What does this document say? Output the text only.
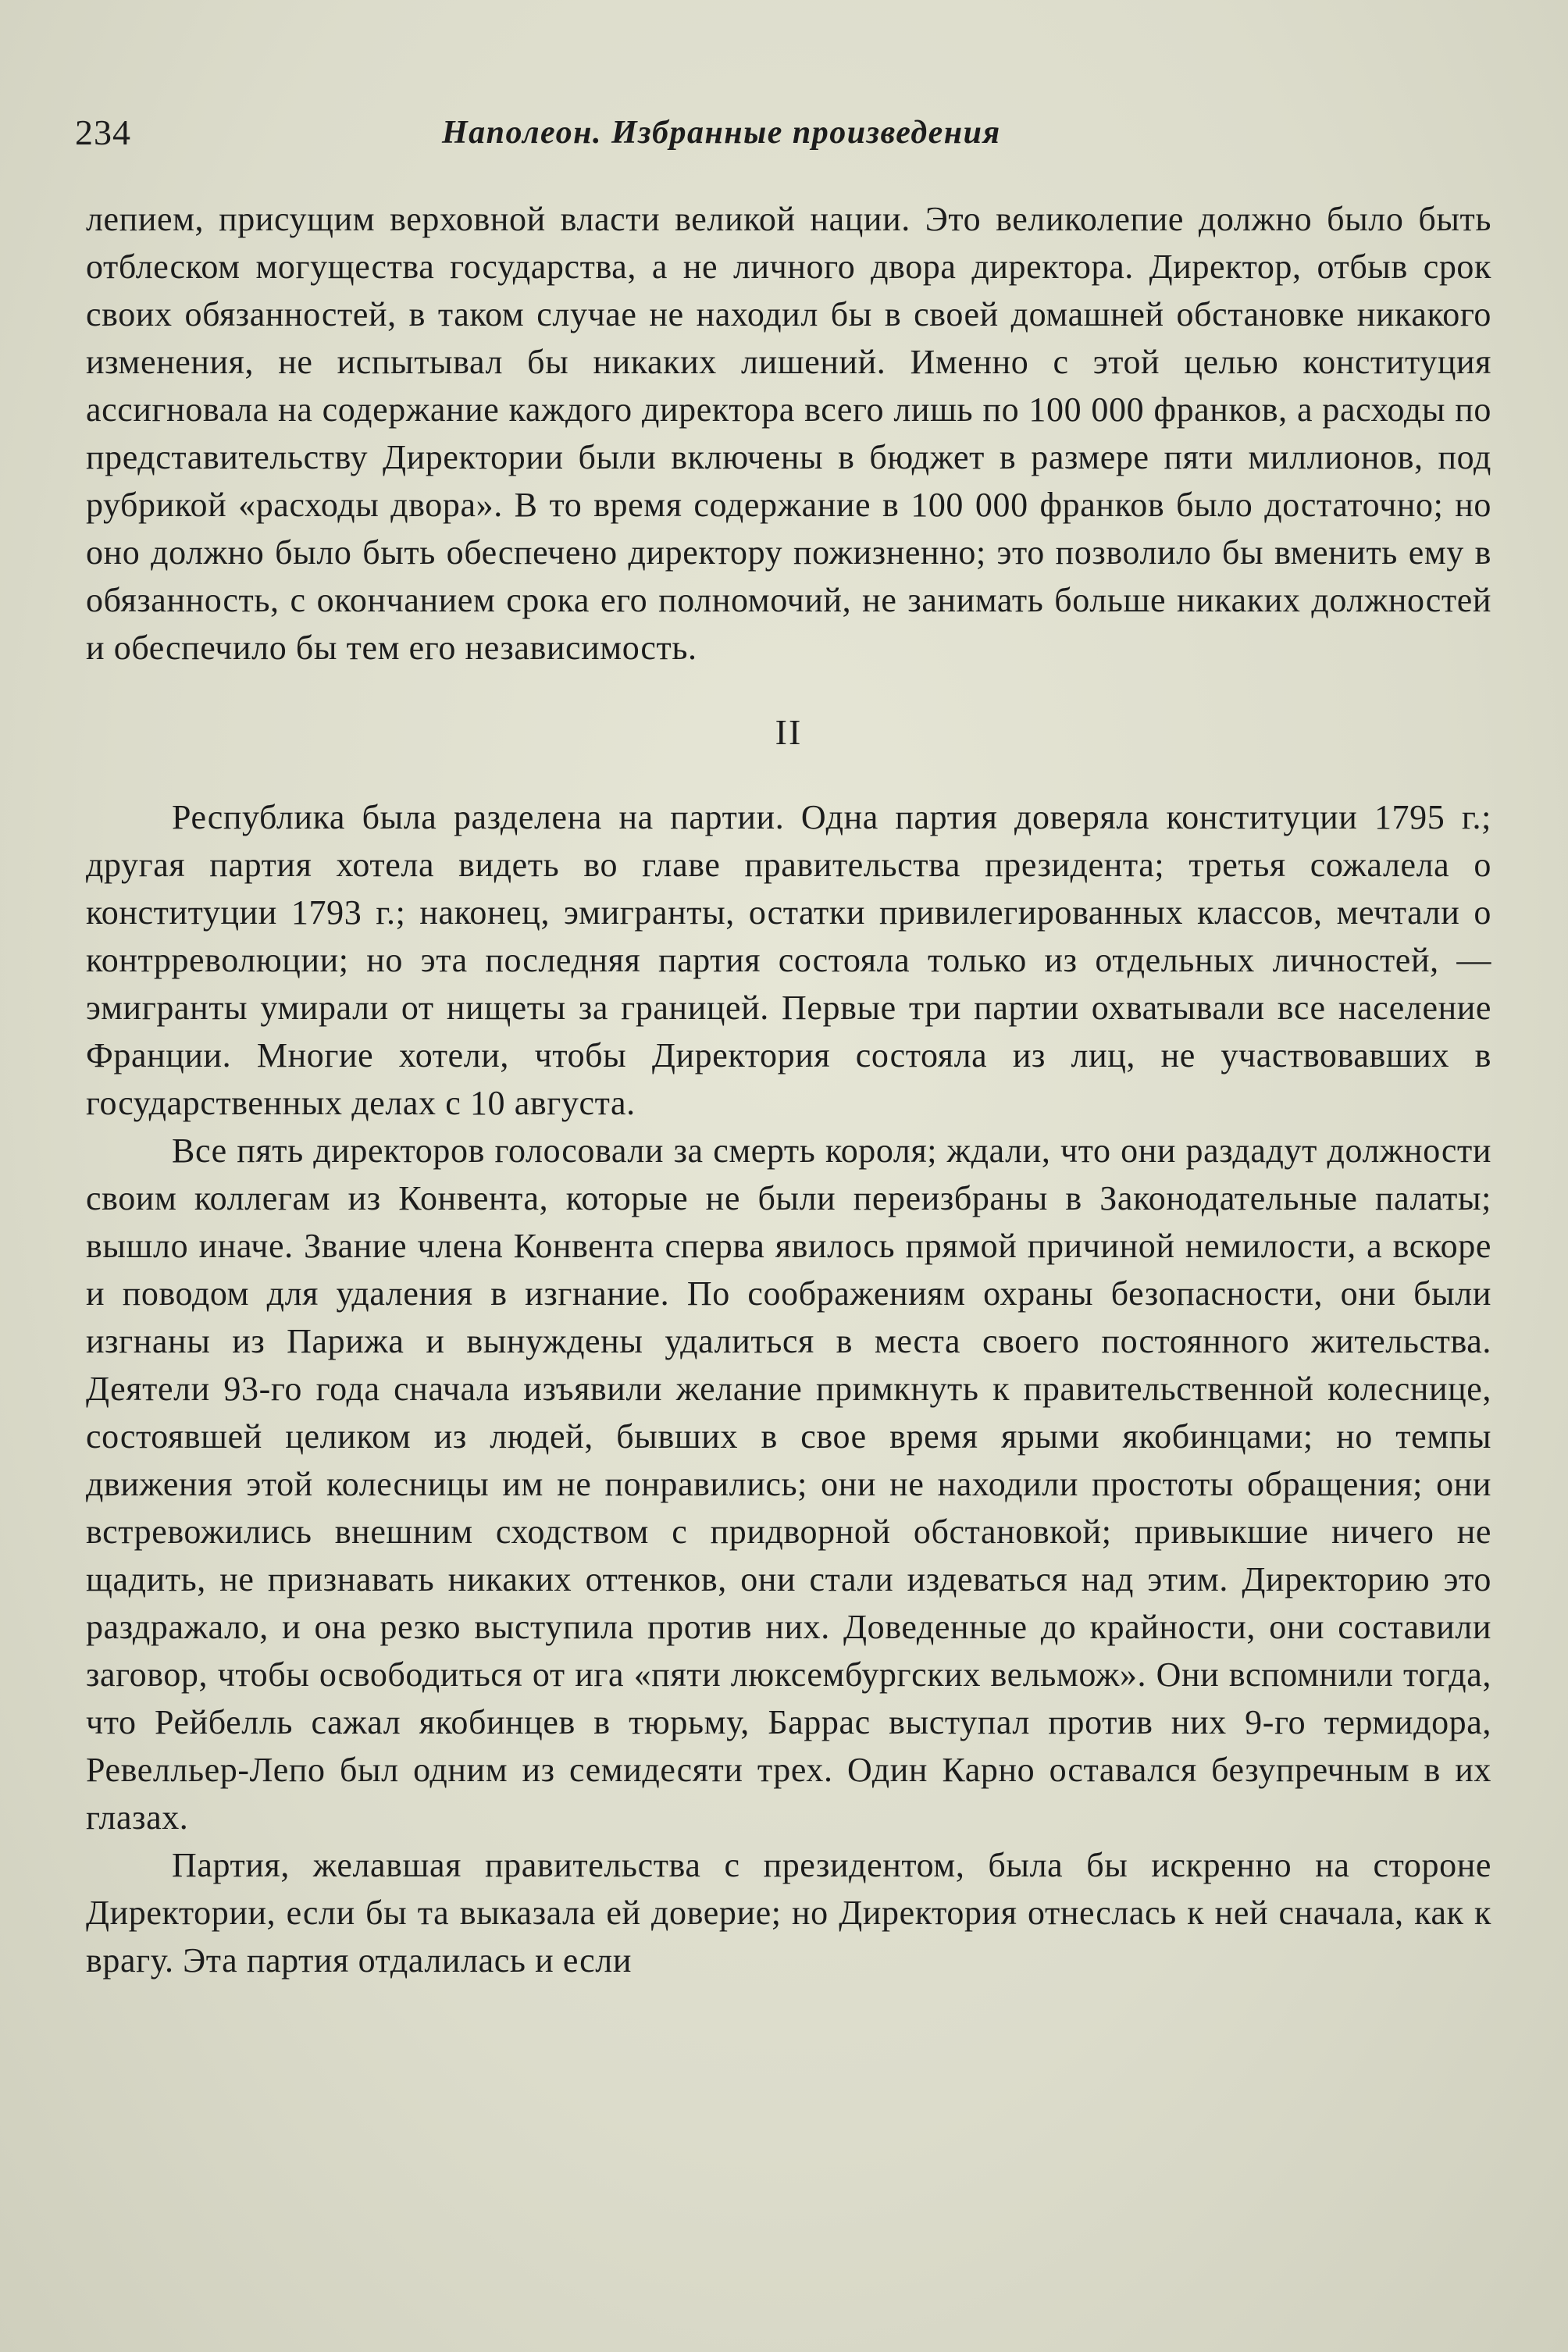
234	Наполеон. Избранные произведения

лепием, присущим верховной власти великой нации. Это великолепие должно было быть отблеском могущества государства, а не личного двора директора. Директор, отбыв срок своих обязанностей, в таком случае не находил бы в своей домашней обстановке никакого изменения, не испытывал бы никаких лишений. Именно с этой целью конституция ассигновала на содержание каждого директора всего лишь по 100 000 франков, а расходы по представительству Директории были включены в бюджет в размере пяти миллионов, под рубрикой «расходы двора». В то время содержание в 100 000 франков было достаточно; но оно должно было быть обеспечено директору пожизненно; это позволило бы вменить ему в обязанность, с окончанием срока его полномочий, не занимать больше никаких должностей и обеспечило бы тем его независимость.

II

Республика была разделена на партии. Одна партия доверяла конституции 1795 г.; другая партия хотела видеть во главе правительства президента; третья сожалела о конституции 1793 г.; наконец, эмигранты, остатки привилегированных классов, мечтали о контрреволюции; но эта последняя партия состояла только из отдельных личностей, — эмигранты умирали от нищеты за границей. Первые три партии охватывали все население Франции. Многие хотели, чтобы Директория состояла из лиц, не участвовавших в государственных делах с 10 августа.

Все пять директоров голосовали за смерть короля; ждали, что они раздадут должности своим коллегам из Конвента, которые не были переизбраны в Законодательные палаты; вышло иначе. Звание члена Конвента сперва явилось прямой причиной немилости, а вскоре и поводом для удаления в изгнание. По соображениям охраны безопасности, они были изгнаны из Парижа и вынуждены удалиться в места своего постоянного жительства. Деятели 93-го года сначала изъявили желание примкнуть к правительственной колеснице, состоявшей целиком из людей, бывших в свое время ярыми якобинцами; но темпы движения этой колесницы им не понравились; они не находили простоты обращения; они встревожились внешним сходством с придворной обстановкой; привыкшие ничего не щадить, не признавать никаких оттенков, они стали издеваться над этим. Директорию это раздражало, и она резко выступила против них. Доведенные до крайности, они составили заговор, чтобы освободиться от ига «пяти люксембургских вельмож». Они вспомнили тогда, что Рейбелль сажал якобинцев в тюрьму, Баррас выступал против них 9-го термидора, Ревелльер-Лепо был одним из семидесяти трех. Один Карно оставался безупречным в их глазах.

Партия, желавшая правительства с президентом, была бы искренно на стороне Директории, если бы та выказала ей доверие; но Директория отнеслась к ней сначала, как к врагу. Эта партия отдалилась и если
